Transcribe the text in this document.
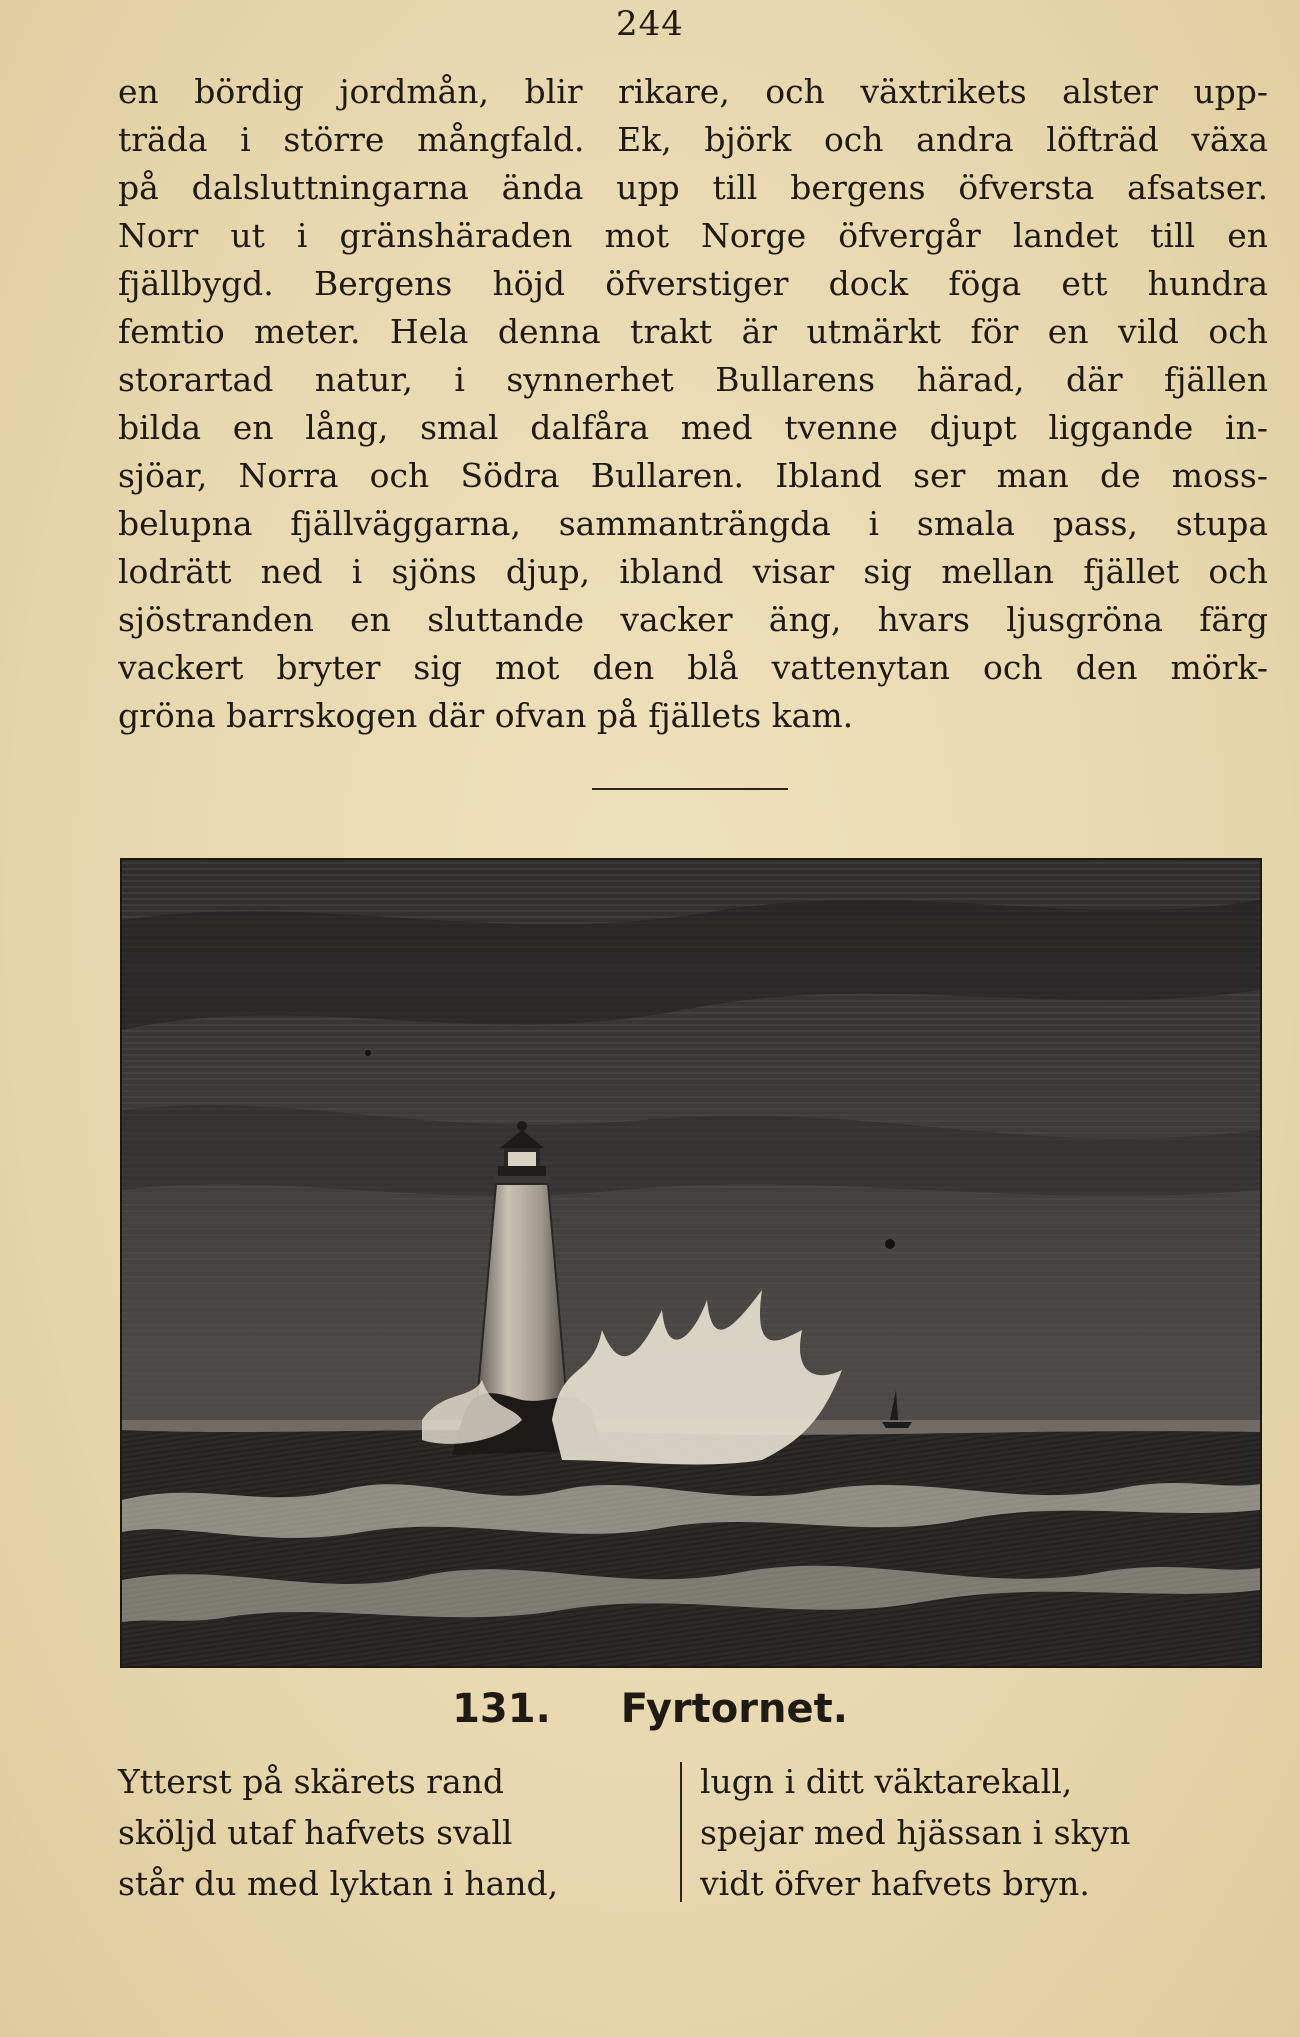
244
en bördig jordmån, blir rikare, och växtrikets alster upp-
träda i större mångfald. Ek, björk och andra löfträd växa
på dalsluttningarna ända upp till bergens öfversta afsatser.
Norr ut i gränshäraden mot Norge öfvergår landet till en
fjällbygd. Bergens höjd öfverstiger dock föga ett hundra
femtio meter. Hela denna trakt är utmärkt för en vild och
storartad natur, i synnerhet Bullarens härad, där fjällen
bilda en lång, smal dalfåra med tvenne djupt liggande in-
sjöar, Norra och Södra Bullaren. Ibland ser man de moss-
belupna fjällväggarna, sammanträngda i smala pass, stupa
lodrätt ned i sjöns djup, ibland visar sig mellan fjället och
sjöstranden en sluttande vacker äng, hvars ljusgröna färg
vackert bryter sig mot den blå vattenytan och den mörk-
gröna barrskogen där ofvan på fjällets kam.
131. Fyrtornet.
Ytterst på skärets rand
sköljd utaf hafvets svall
står du med lyktan i hand,
lugn i ditt väktarekall,
spejar med hjässan i skyn
vidt öfver hafvets bryn.
